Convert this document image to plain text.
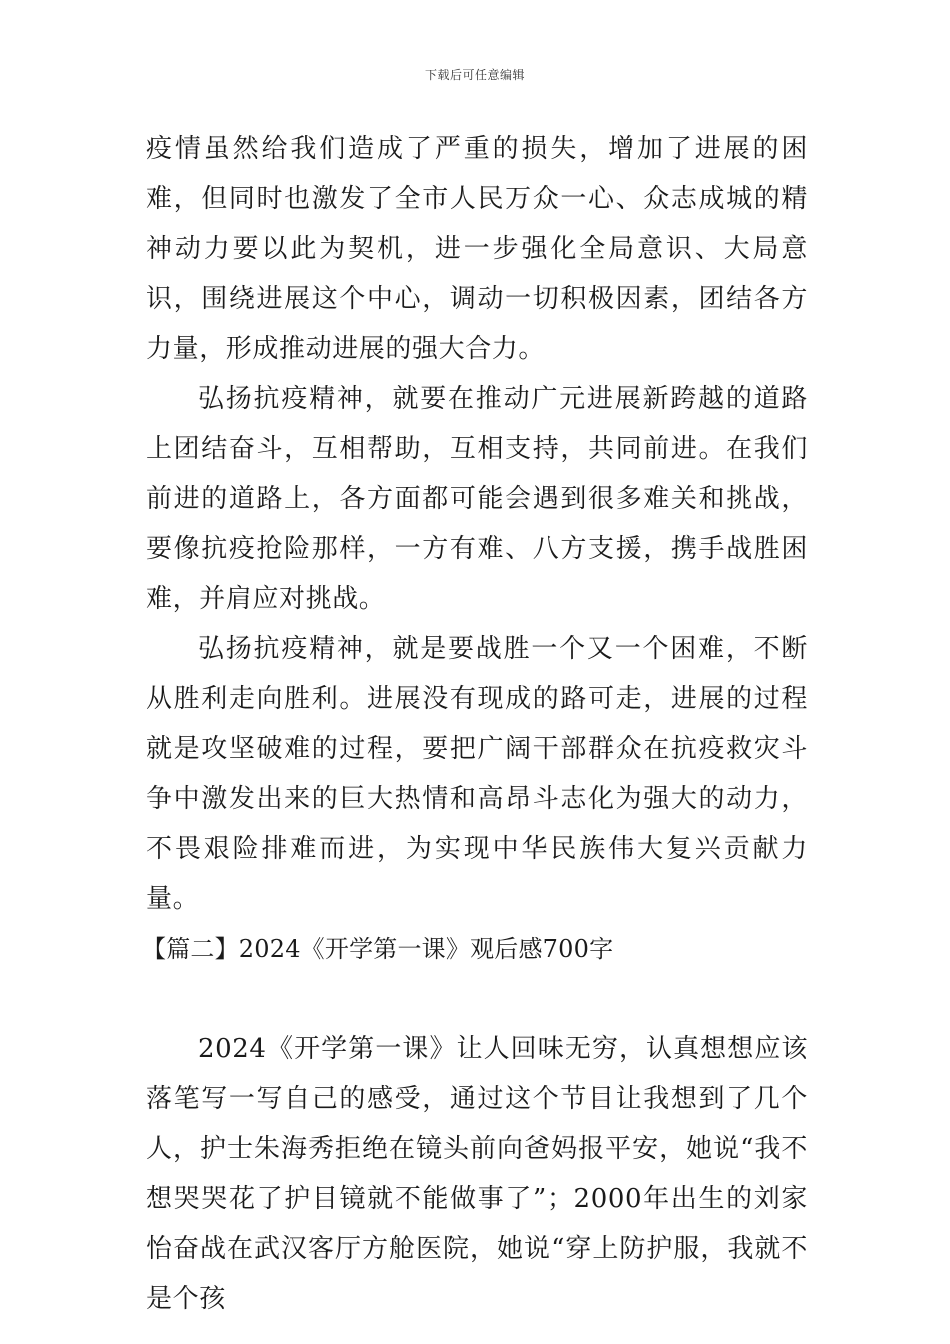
下载后可任意编辑

疫情虽然给我们造成了严重的损失，增加了进展的困难，但同时也激发了全市人民万众一心、众志成城的精神动力要以此为契机，进一步强化全局意识、大局意识，围绕进展这个中心，调动一切积极因素，团结各方力量，形成推动进展的强大合力。

弘扬抗疫精神，就要在推动广元进展新跨越的道路上团结奋斗，互相帮助，互相支持，共同前进。在我们前进的道路上，各方面都可能会遇到很多难关和挑战，要像抗疫抢险那样，一方有难、八方支援，携手战胜困难，并肩应对挑战。

弘扬抗疫精神，就是要战胜一个又一个困难，不断从胜利走向胜利。进展没有现成的路可走，进展的过程就是攻坚破难的过程，要把广阔干部群众在抗疫救灾斗争中激发出来的巨大热情和高昂斗志化为强大的动力，不畏艰险排难而进，为实现中华民族伟大复兴贡献力量。

【篇二】2024《开学第一课》观后感700字

2024《开学第一课》让人回味无穷，认真想想应该落笔写一写自己的感受，通过这个节目让我想到了几个人，护士朱海秀拒绝在镜头前向爸妈报平安，她说“我不想哭哭花了护目镜就不能做事了”；2000年出生的刘家怡奋战在武汉客厅方舱医院，她说“穿上防护服，我就不是个孩
